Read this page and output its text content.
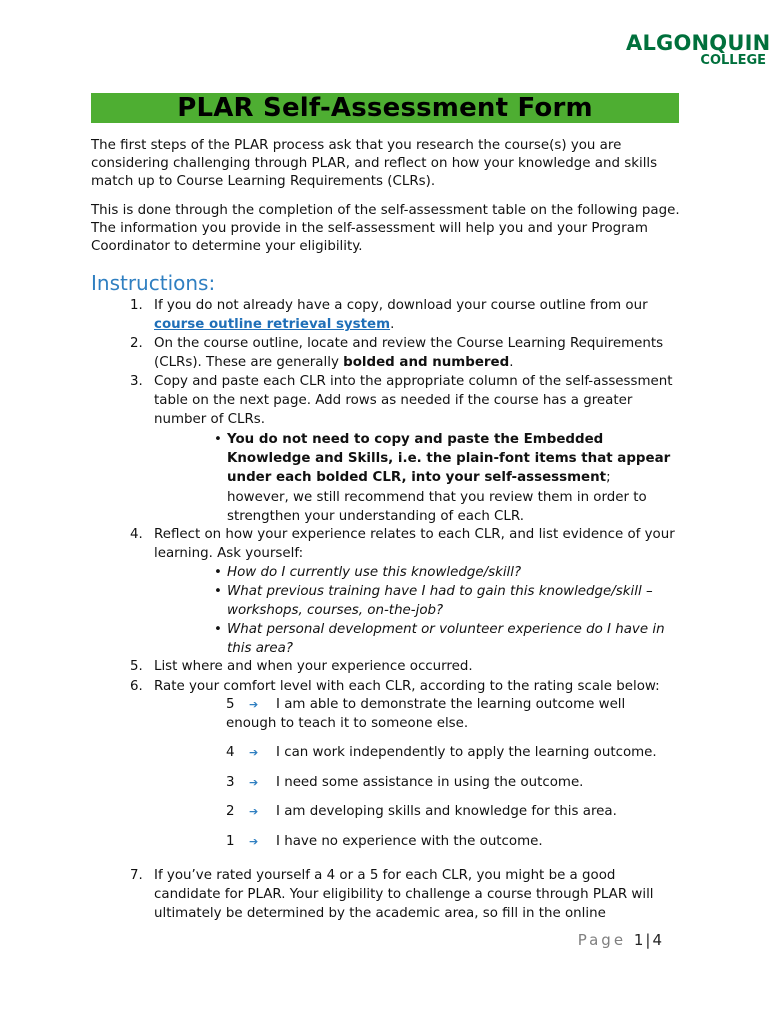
ALGONQUIN
COLLEGE
PLAR Self-Assessment Form
The first steps of the PLAR process ask that you research the course(s) you are considering challenging through PLAR, and reflect on how your knowledge and skills match up to Course Learning Requirements (CLRs).
This is done through the completion of the self-assessment table on the following page. The information you provide in the self-assessment will help you and your Program Coordinator to determine your eligibility.
Instructions:
1. If you do not already have a copy, download your course outline from our course outline retrieval system.
2. On the course outline, locate and review the Course Learning Requirements (CLRs). These are generally bolded and numbered.
3. Copy and paste each CLR into the appropriate column of the self-assessment table on the next page. Add rows as needed if the course has a greater number of CLRs.
• You do not need to copy and paste the Embedded Knowledge and Skills, i.e. the plain-font items that appear under each bolded CLR, into your self-assessment; however, we still recommend that you review them in order to strengthen your understanding of each CLR.
4. Reflect on how your experience relates to each CLR, and list evidence of your learning. Ask yourself:
• How do I currently use this knowledge/skill?
• What previous training have I had to gain this knowledge/skill – workshops, courses, on-the-job?
• What personal development or volunteer experience do I have in this area?
5. List where and when your experience occurred.
6. Rate your comfort level with each CLR, according to the rating scale below:
5 ➔	I am able to demonstrate the learning outcome well enough to teach it to someone else.
4 ➔	I can work independently to apply the learning outcome.
3 ➔	I need some assistance in using the outcome.
2 ➔	I am developing skills and knowledge for this area.
1 ➔	I have no experience with the outcome.
7. If you’ve rated yourself a 4 or a 5 for each CLR, you might be a good candidate for PLAR. Your eligibility to challenge a course through PLAR will ultimately be determined by the academic area, so fill in the online
Page 1|4
